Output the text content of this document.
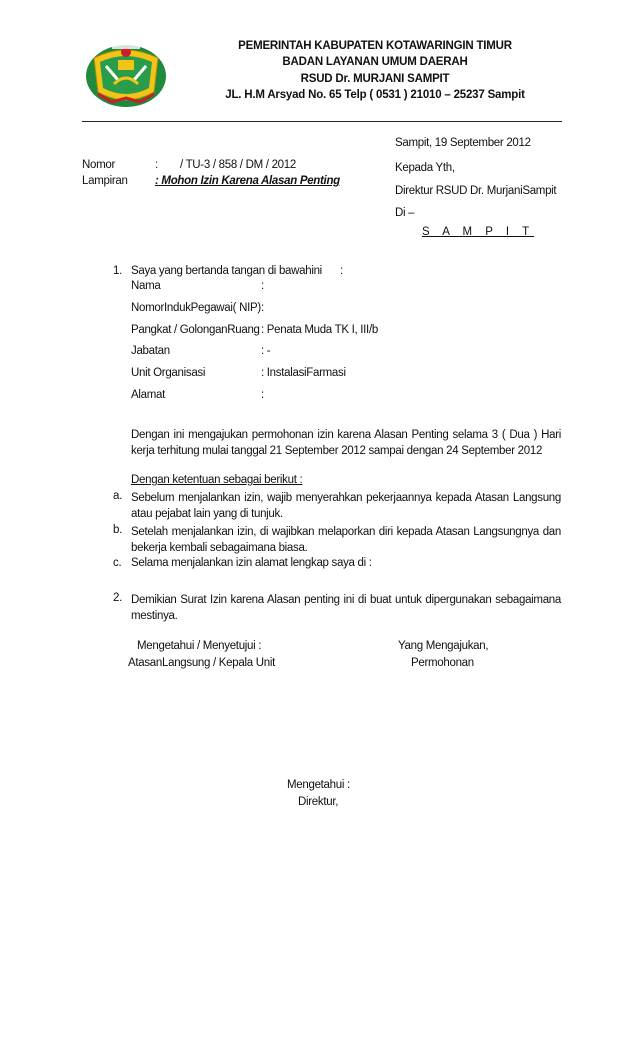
PEMERINTAH KABUPATEN KOTAWARINGIN TIMUR
BADAN LAYANAN UMUM DAERAH
RSUD Dr. MURJANI SAMPIT
JL. H.M Arsyad No. 65 Telp ( 0531 ) 21010 – 25237 Sampit
Sampit, 19 September 2012
Nomor	: / TU-3 / 858 / DM / 2012
Lampiran : Mohon Izin Karena Alasan Penting
Kepada Yth,
Direktur RSUD Dr. MurjaniSampit
Di –
S A M P I T
1. Saya yang bertanda tangan di bawahini :
Nama	:
NomorIndukPegawai( NIP) :
Pangkat / GolonganRuang : Penata Muda TK I, III/b
Jabatan	: -
Unit Organisasi	: InstalasiFarmasi
Alamat	:
Dengan ini mengajukan permohonan izin karena Alasan Penting selama 3 ( Dua ) Hari kerja terhitung mulai tanggal 21 September 2012 sampai dengan 24 September 2012
Dengan ketentuan sebagai berikut :
a. Sebelum menjalankan izin, wajib menyerahkan pekerjaannya kepada Atasan Langsung atau pejabat lain yang di tunjuk.
b. Setelah menjalankan izin, di wajibkan melaporkan diri kepada Atasan Langsungnya dan bekerja kembali sebagaimana biasa.
c. Selama menjalankan izin alamat lengkap saya di :
2. Demikian Surat Izin karena Alasan penting ini di buat untuk dipergunakan sebagaimana mestinya.
Mengetahui / Menyetujui :
AtasanLangsung / Kepala Unit
Yang Mengajukan,
Permohonan
Mengetahui :
Direktur,
